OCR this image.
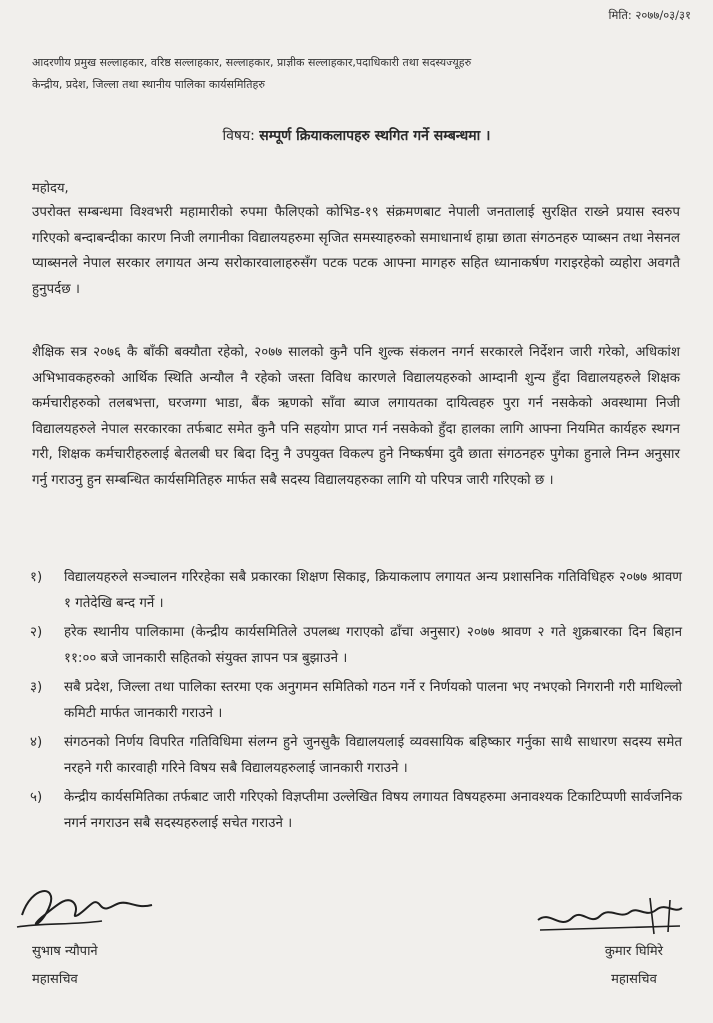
मिति: २०७७/०३/३१
आदरणीय प्रमुख सल्लाहकार, वरिष्ठ सल्लाहकार, सल्लाहकार, प्राज्ञीक सल्लाहकार,पदाधिकारी तथा सदस्यज्यूहरु
केन्द्रीय, प्रदेश, जिल्ला तथा स्थानीय पालिका कार्यसमितिहरु
विषय: सम्पूर्ण क्रियाकलापहरु स्थगित गर्ने सम्बन्धमा ।
महोदय,
उपरोक्त सम्बन्धमा विश्वभरी महामारीको रुपमा फैलिएको कोभिड-१९ संक्रमणबाट नेपाली जनतालाई सुरक्षित राख्ने प्रयास स्वरुप गरिएको बन्दाबन्दीका कारण निजी लगानीका विद्यालयहरुमा सृजित समस्याहरुको समाधानार्थ हाम्रा छाता संगठनहरु प्याब्सन तथा नेसनल प्याब्सनले नेपाल सरकार लगायत अन्य सरोकारवालाहरुसँग पटक पटक आफ्ना मागहरु सहित ध्यानाकर्षण गराइरहेको व्यहोरा अवगतै हुनुपर्दछ ।
शैक्षिक सत्र २०७६ कै बाँकी बक्यौता रहेको, २०७७ सालको कुनै पनि शुल्क संकलन नगर्न सरकारले निर्देशन जारी गरेको, अधिकांश अभिभावकहरुको आर्थिक स्थिति अन्यौल नै रहेको जस्ता विविध कारणले विद्यालयहरुको आम्दानी शुन्य हुँदा विद्यालयहरुले शिक्षक कर्मचारीहरुको तलबभत्ता, घरजग्गा भाडा, बैंक ऋणको साँवा ब्याज लगायतका दायित्वहरु पुरा गर्न नसकेको अवस्थामा निजी विद्यालयहरुले नेपाल सरकारका तर्फबाट समेत कुनै पनि सहयोग प्राप्त गर्न नसकेको हुँदा हालका लागि आफ्ना नियमित कार्यहरु स्थगन गरी, शिक्षक कर्मचारीहरुलाई बेतलबी घर बिदा दिनु नै उपयुक्त विकल्प हुने निष्कर्षमा दुवै छाता संगठनहरु पुगेका हुनाले निम्न अनुसार गर्नु गराउनु हुन सम्बन्धित कार्यसमितिहरु मार्फत सबै सदस्य विद्यालयहरुका लागि यो परिपत्र जारी गरिएको छ ।
१)	विद्यालयहरुले सञ्चालन गरिरहेका सबै प्रकारका शिक्षण सिकाइ, क्रियाकलाप लगायत अन्य प्रशासनिक गतिविधिहरु २०७७ श्रावण १ गतेदेखि बन्द गर्ने ।
२)	हरेक स्थानीय पालिकामा (केन्द्रीय कार्यसमितिले उपलब्ध गराएको ढाँचा अनुसार) २०७७ श्रावण २ गते शुक्रबारका दिन बिहान ११:०० बजे जानकारी सहितको संयुक्त ज्ञापन पत्र बुझाउने ।
३)	सबै प्रदेश, जिल्ला तथा पालिका स्तरमा एक अनुगमन समितिको गठन गर्ने र निर्णयको पालना भए नभएको निगरानी गरी माथिल्लो कमिटी मार्फत जानकारी गराउने ।
४)	संगठनको निर्णय विपरित गतिविधिमा संलग्न हुने जुनसुकै विद्यालयलाई व्यवसायिक बहिष्कार गर्नुका साथै साधारण सदस्य समेत नरहने गरी कारवाही गरिने विषय सबै विद्यालयहरुलाई जानकारी गराउने ।
५)	केन्द्रीय कार्यसमितिका तर्फबाट जारी गरिएको विज्ञप्तीमा उल्लेखित विषय लगायत विषयहरुमा अनावश्यक टिकाटिप्पणी सार्वजनिक नगर्न नगराउन सबै सदस्यहरुलाई सचेत गराउने ।
सुभाष न्यौपाने
महासचिव
कुमार घिमिरे
महासचिव
